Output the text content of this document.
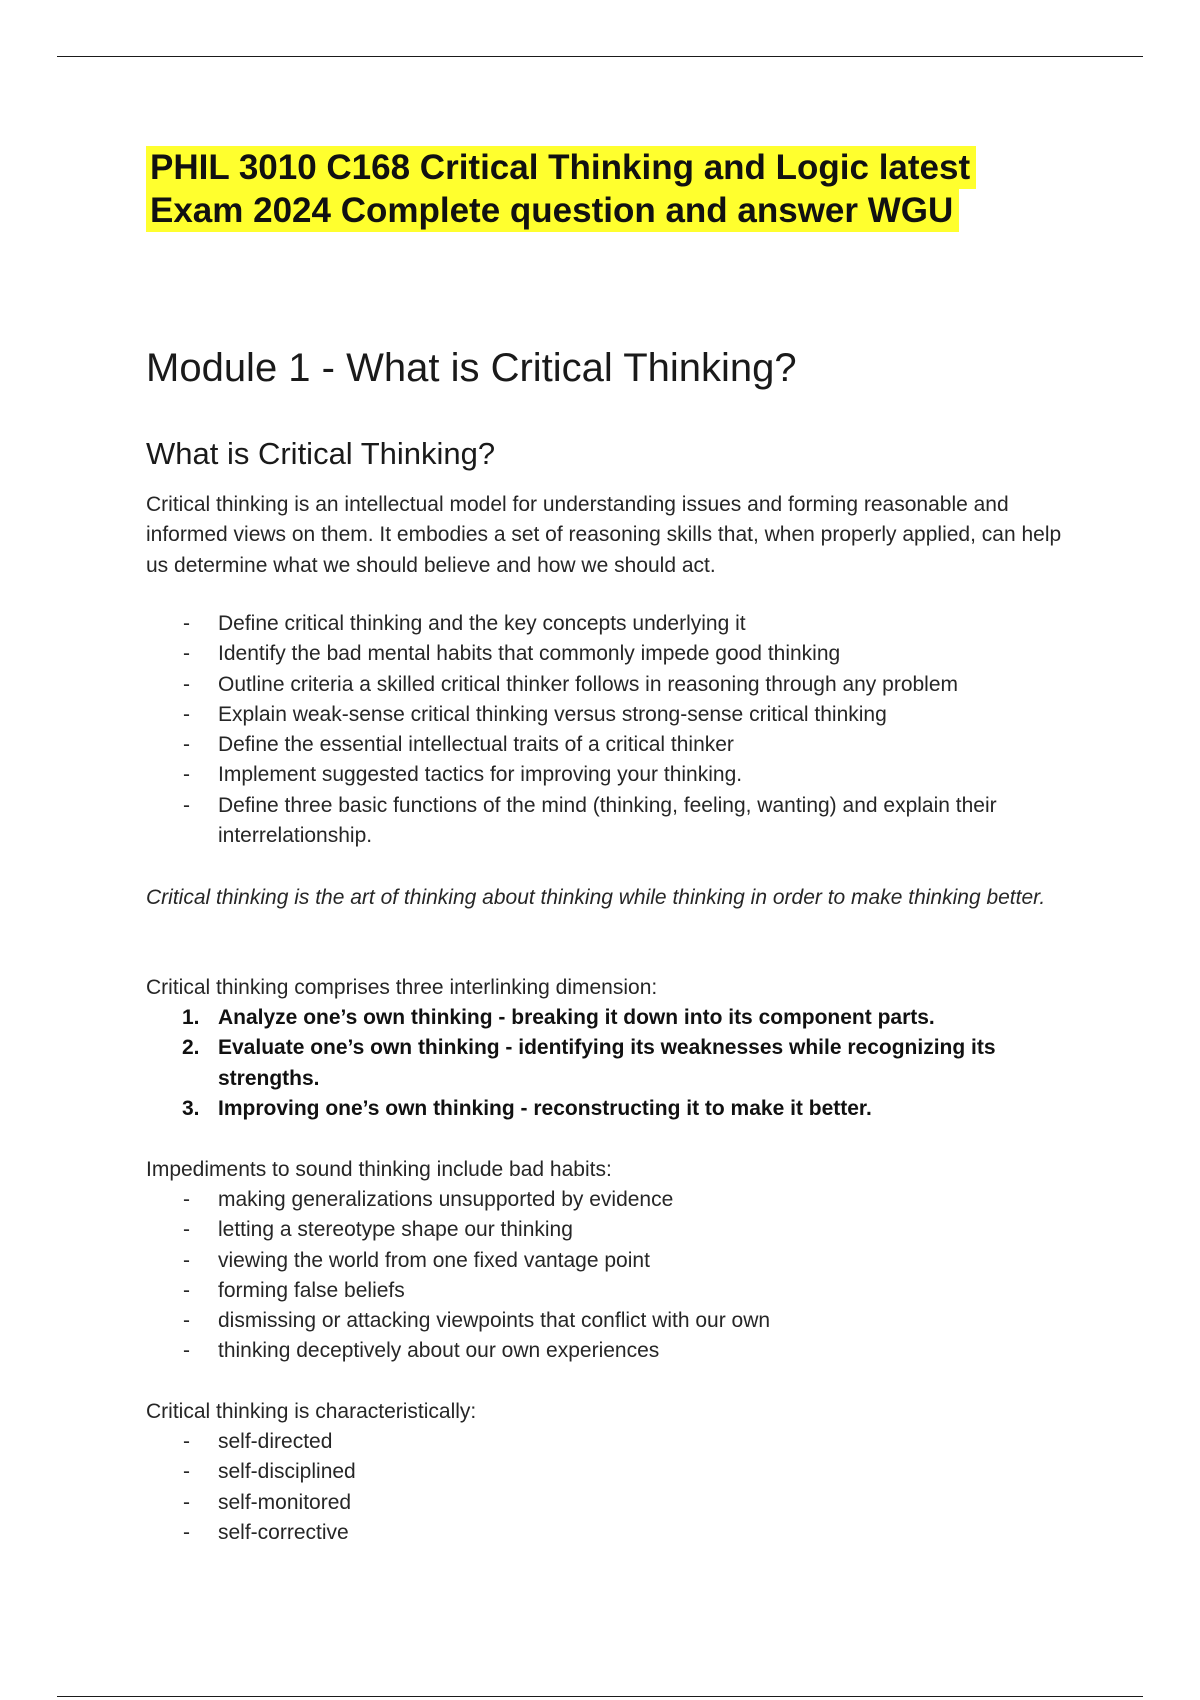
PHIL 3010 C168 Critical Thinking and Logic latest Exam 2024 Complete question and answer WGU
Module 1 - What is Critical Thinking?
What is Critical Thinking?

Critical thinking is an intellectual model for understanding issues and forming reasonable and informed views on them. It embodies a set of reasoning skills that, when properly applied, can help us determine what we should believe and how we should act.

- Define critical thinking and the key concepts underlying it
- Identify the bad mental habits that commonly impede good thinking
- Outline criteria a skilled critical thinker follows in reasoning through any problem
- Explain weak-sense critical thinking versus strong-sense critical thinking
- Define the essential intellectual traits of a critical thinker
- Implement suggested tactics for improving your thinking.
- Define three basic functions of the mind (thinking, feeling, wanting) and explain their interrelationship.

Critical thinking is the art of thinking about thinking while thinking in order to make thinking better.

Critical thinking comprises three interlinking dimension:

1. Analyze one’s own thinking - breaking it down into its component parts.
2. Evaluate one’s own thinking - identifying its weaknesses while recognizing its strengths.
3. Improving one’s own thinking - reconstructing it to make it better.

Impediments to sound thinking include bad habits:

- making generalizations unsupported by evidence
- letting a stereotype shape our thinking
- viewing the world from one fixed vantage point
- forming false beliefs
- dismissing or attacking viewpoints that conflict with our own
- thinking deceptively about our own experiences

Critical thinking is characteristically:

- self-directed
- self-disciplined
- self-monitored
- self-corrective
